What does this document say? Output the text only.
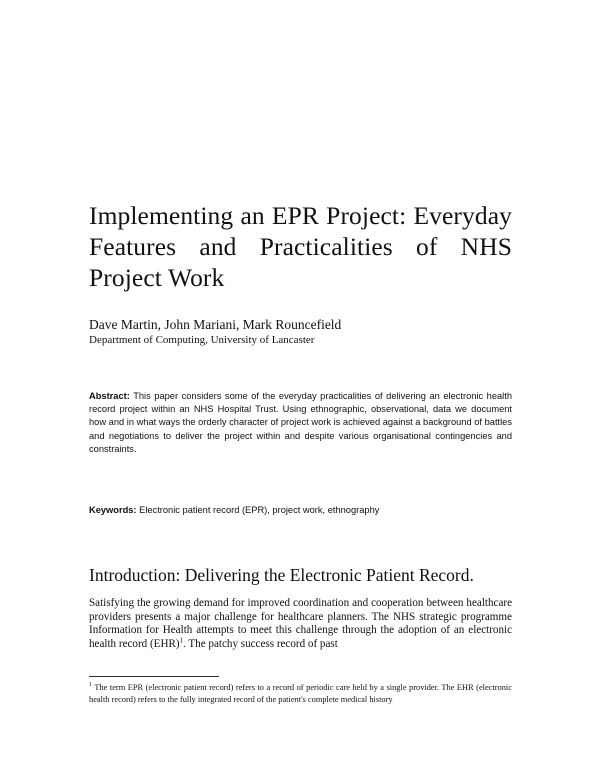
Implementing an EPR Project: Everyday Features and Practicalities of NHS Project Work
Dave Martin, John Mariani, Mark Rouncefield
Department of Computing, University of Lancaster
Abstract: This paper considers some of the everyday practicalities of delivering an electronic health record project within an NHS Hospital Trust. Using ethnographic, observational, data we document how and in what ways the orderly character of project work is achieved against a background of battles and negotiations to deliver the project within and despite various organisational contingencies and constraints.
Keywords: Electronic patient record (EPR), project work, ethnography
Introduction: Delivering the Electronic Patient Record.
Satisfying the growing demand for improved coordination and cooperation between healthcare providers presents a major challenge for healthcare planners. The NHS strategic programme Information for Health attempts to meet this challenge through the adoption of an electronic health record (EHR)$^1$. The patchy success record of past
$^1$ The term EPR (electronic patient record) refers to a record of periodic care held by a single provider. The EHR (electronic health record) refers to the fully integrated record of the patient's complete medical history
